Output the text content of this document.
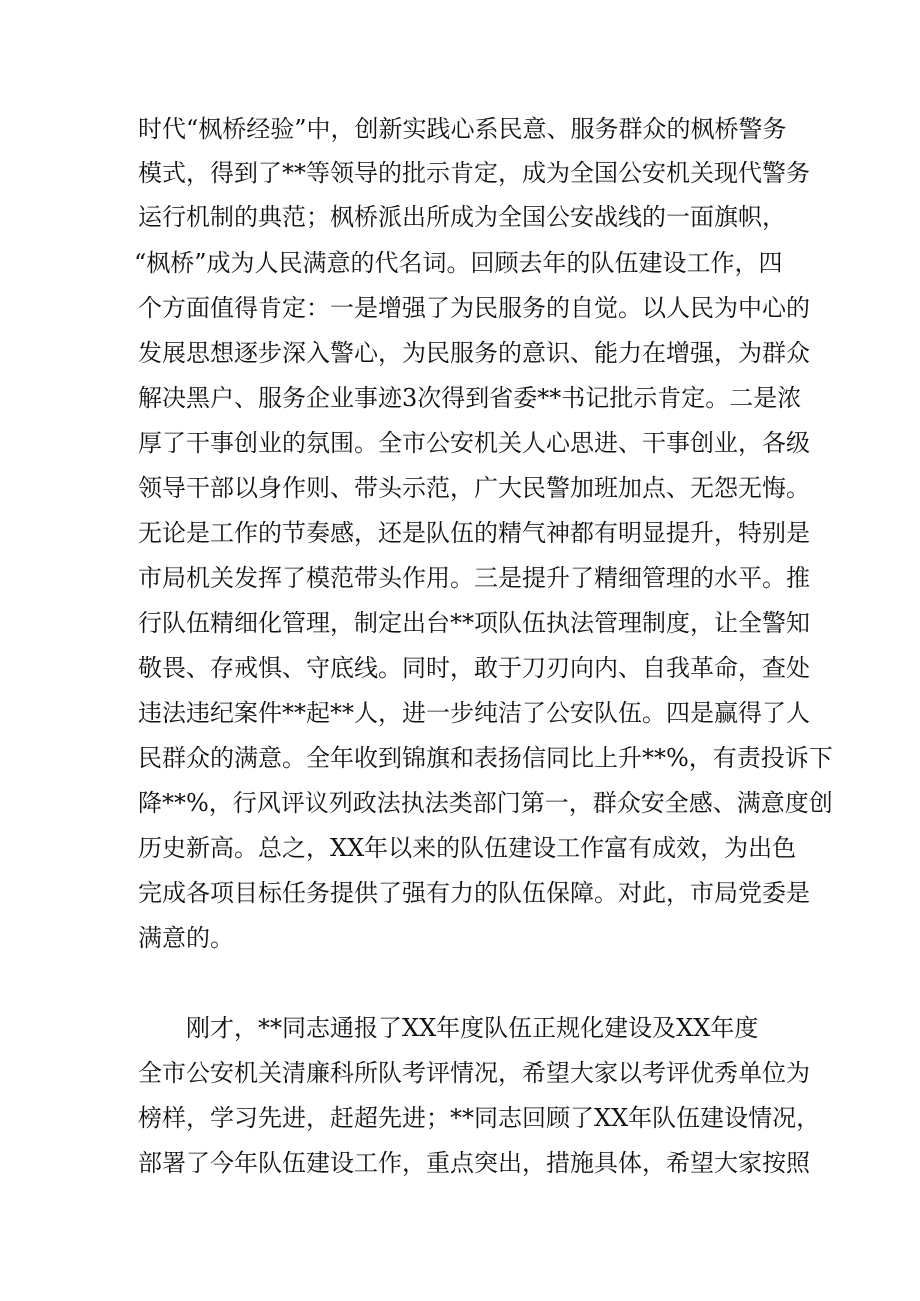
时代“枫桥经验”中，创新实践心系民意、服务群众的枫桥警务
模式，得到了**等领导的批示肯定，成为全国公安机关现代警务
运行机制的典范；枫桥派出所成为全国公安战线的一面旗帜，
“枫桥”成为人民满意的代名词。回顾去年的队伍建设工作，四
个方面值得肯定：一是增强了为民服务的自觉。以人民为中心的
发展思想逐步深入警心，为民服务的意识、能力在增强，为群众
解决黑户、服务企业事迹3次得到省委**书记批示肯定。二是浓
厚了干事创业的氛围。全市公安机关人心思进、干事创业，各级
领导干部以身作则、带头示范，广大民警加班加点、无怨无悔。
无论是工作的节奏感，还是队伍的精气神都有明显提升，特别是
市局机关发挥了模范带头作用。三是提升了精细管理的水平。推
行队伍精细化管理，制定出台**项队伍执法管理制度，让全警知
敬畏、存戒惧、守底线。同时，敢于刀刃向内、自我革命，查处
违法违纪案件**起**人，进一步纯洁了公安队伍。四是赢得了人
民群众的满意。全年收到锦旗和表扬信同比上升**%，有责投诉下
降**%，行风评议列政法执法类部门第一，群众安全感、满意度创
历史新高。总之，XX年以来的队伍建设工作富有成效，为出色
完成各项目标任务提供了强有力的队伍保障。对此，市局党委是
满意的。
刚才，**同志通报了XX年度队伍正规化建设及XX年度
全市公安机关清廉科所队考评情况，希望大家以考评优秀单位为
榜样，学习先进，赶超先进；**同志回顾了XX年队伍建设情况，
部署了今年队伍建设工作，重点突出，措施具体，希望大家按照
